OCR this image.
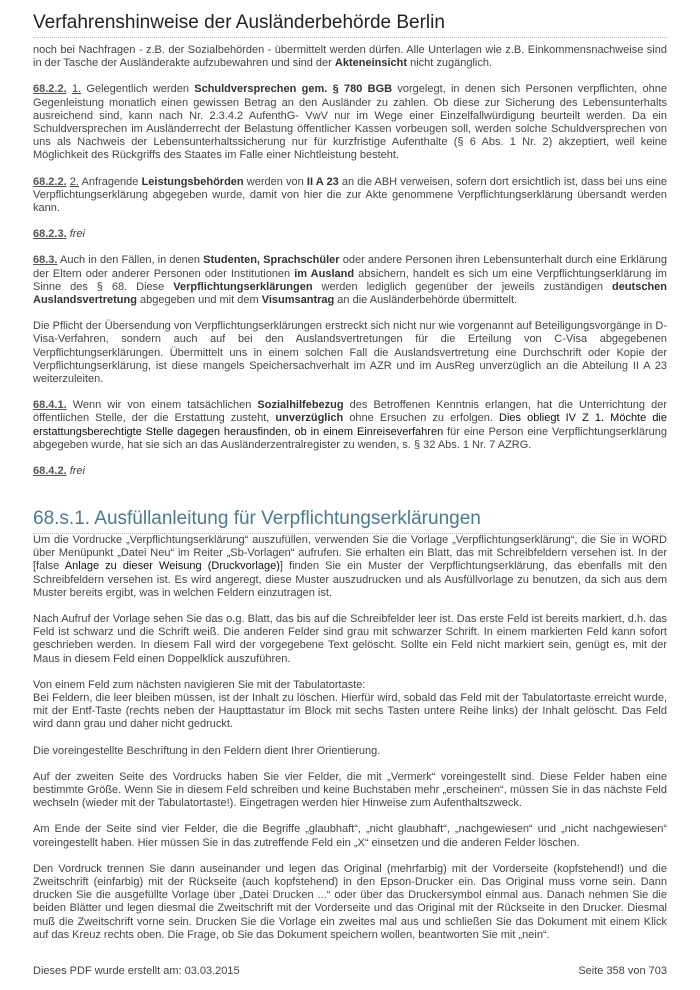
Verfahrenshinweise der Ausländerbehörde Berlin

noch bei Nachfragen - z.B. der Sozialbehörden - übermittelt werden dürfen. Alle Unterlagen wie z.B. Einkommensnachweise sind in der Tasche der Ausländerakte aufzubewahren und sind der Akteneinsicht nicht zugänglich.

68.2.2. 1. Gelegentlich werden Schuldversprechen gem. § 780 BGB vorgelegt, in denen sich Personen verpflichten, ohne Gegenleistung monatlich einen gewissen Betrag an den Ausländer zu zahlen. Ob diese zur Sicherung des Lebensunterhalts ausreichend sind, kann nach Nr. 2.3.4.2 AufenthG- VwV nur im Wege einer Einzelfallwürdigung beurteilt werden. Da ein Schuldversprechen im Ausländerrecht der Belastung öffentlicher Kassen vorbeugen soll, werden solche Schuldversprechen von uns als Nachweis der Lebensunterhaltssicherung nur für kurzfristige Aufenthalte (§ 6 Abs. 1 Nr. 2) akzeptiert, weil keine Möglichkeit des Rückgriffs des Staates im Falle einer Nichtleistung besteht.

68.2.2. 2. Anfragende Leistungsbehörden werden von II A 23 an die ABH verweisen, sofern dort ersichtlich ist, dass bei uns eine Verpflichtungserklärung abgegeben wurde, damit von hier die zur Akte genommene Verpflichtungserklärung übersandt werden kann.

68.2.3. frei

68.3. Auch in den Fällen, in denen Studenten, Sprachschüler oder andere Personen ihren Lebensunterhalt durch eine Erklärung der Eltern oder anderer Personen oder Institutionen im Ausland absichern, handelt es sich um eine Verpflichtungserklärung im Sinne des § 68. Diese Verpflichtungserklärungen werden lediglich gegenüber der jeweils zuständigen deutschen Auslandsvertretung abgegeben und mit dem Visumsantrag an die Ausländerbehörde übermittelt.

Die Pflicht der Übersendung von Verpflichtungserklärungen erstreckt sich nicht nur wie vorgenannt auf Beteiligungsvorgänge in D-Visa-Verfahren, sondern auch auf bei den Auslandsvertretungen für die Erteilung von C-Visa abgegebenen Verpflichtungserklärungen. Übermittelt uns in einem solchen Fall die Auslandsvertretung eine Durchschrift oder Kopie der Verpflichtungserklärung, ist diese mangels Speichersachverhalt im AZR und im AusReg unverzüglich an die Abteilung II A 23 weiterzuleiten.

68.4.1. Wenn wir von einem tatsächlichen Sozialhilfebezug des Betroffenen Kenntnis erlangen, hat die Unterrichtung der öffentlichen Stelle, der die Erstattung zusteht, unverzüglich ohne Ersuchen zu erfolgen. Dies obliegt IV Z 1. Möchte die erstattungsberechtigte Stelle dagegen herausfinden, ob in einem Einreiseverfahren für eine Person eine Verpflichtungserklärung abgegeben wurde, hat sie sich an das Ausländerzentralregister zu wenden, s. § 32 Abs. 1 Nr. 7 AZRG.

68.4.2. frei

68.s.1. Ausfüllanleitung für Verpflichtungserklärungen

Um die Vordrucke „Verpflichtungserklärung“ auszufüllen, verwenden Sie die Vorlage „Verpflichtungserklärung“, die Sie in WORD über Menüpunkt „Datei Neu“ im Reiter „Sb-Vorlagen“ aufrufen. Sie erhalten ein Blatt, das mit Schreibfeldern versehen ist. In der [false Anlage zu dieser Weisung (Druckvorlage)] finden Sie ein Muster der Verpflichtungserklärung, das ebenfalls mit den Schreibfeldern versehen ist. Es wird angeregt, diese Muster auszudrucken und als Ausfüllvorlage zu benutzen, da sich aus dem Muster bereits ergibt, was in welchen Feldern einzutragen ist.

Nach Aufruf der Vorlage sehen Sie das o.g. Blatt, das bis auf die Schreibfelder leer ist. Das erste Feld ist bereits markiert, d.h. das Feld ist schwarz und die Schrift weiß. Die anderen Felder sind grau mit schwarzer Schrift. In einem markierten Feld kann sofort geschrieben werden. In diesem Fall wird der vorgegebene Text gelöscht. Sollte ein Feld nicht markiert sein, genügt es, mit der Maus in diesem Feld einen Doppelklick auszuführen.

Von einem Feld zum nächsten navigieren Sie mit der Tabulatortaste:
Bei Feldern, die leer bleiben müssen, ist der Inhalt zu löschen. Hierfür wird, sobald das Feld mit der Tabulatortaste erreicht wurde, mit der Entf-Taste (rechts neben der Haupttastatur im Block mit sechs Tasten untere Reihe links) der Inhalt gelöscht. Das Feld wird dann grau und daher nicht gedruckt.

Die voreingestellte Beschriftung in den Feldern dient Ihrer Orientierung.

Auf der zweiten Seite des Vordrucks haben Sie vier Felder, die mit „Vermerk“ voreingestellt sind. Diese Felder haben eine bestimmte Größe. Wenn Sie in diesem Feld schreiben und keine Buchstaben mehr „erscheinen“, müssen Sie in das nächste Feld wechseln (wieder mit der Tabulatortaste!). Eingetragen werden hier Hinweise zum Aufenthaltszweck.

Am Ende der Seite sind vier Felder, die die Begriffe „glaubhaft“, „nicht glaubhaft“, „nachgewiesen“ und „nicht nachgewiesen“ voreingestellt haben. Hier müssen Sie in das zutreffende Feld ein „X“ einsetzen und die anderen Felder löschen.

Den Vordruck trennen Sie dann auseinander und legen das Original (mehrfarbig) mit der Vorderseite (kopfstehend!) und die Zweitschrift (einfarbig) mit der Rückseite (auch kopfstehend) in den Epson-Drucker ein. Das Original muss vorne sein. Dann drucken Sie die ausgefüllte Vorlage über „Datei Drucken ...“ oder über das Druckersymbol einmal aus. Danach nehmen Sie die beiden Blätter und legen diesmal die Zweitschrift mit der Vorderseite und das Original mit der Rückseite in den Drucker. Diesmal muß die Zweitschrift vorne sein. Drucken Sie die Vorlage ein zweites mal aus und schließen Sie das Dokument mit einem Klick auf das Kreuz rechts oben. Die Frage, ob Sie das Dokument speichern wollen, beantworten Sie mit „nein“.

Dieses PDF wurde erstellt am: 03.03.2015	Seite 358 von 703
